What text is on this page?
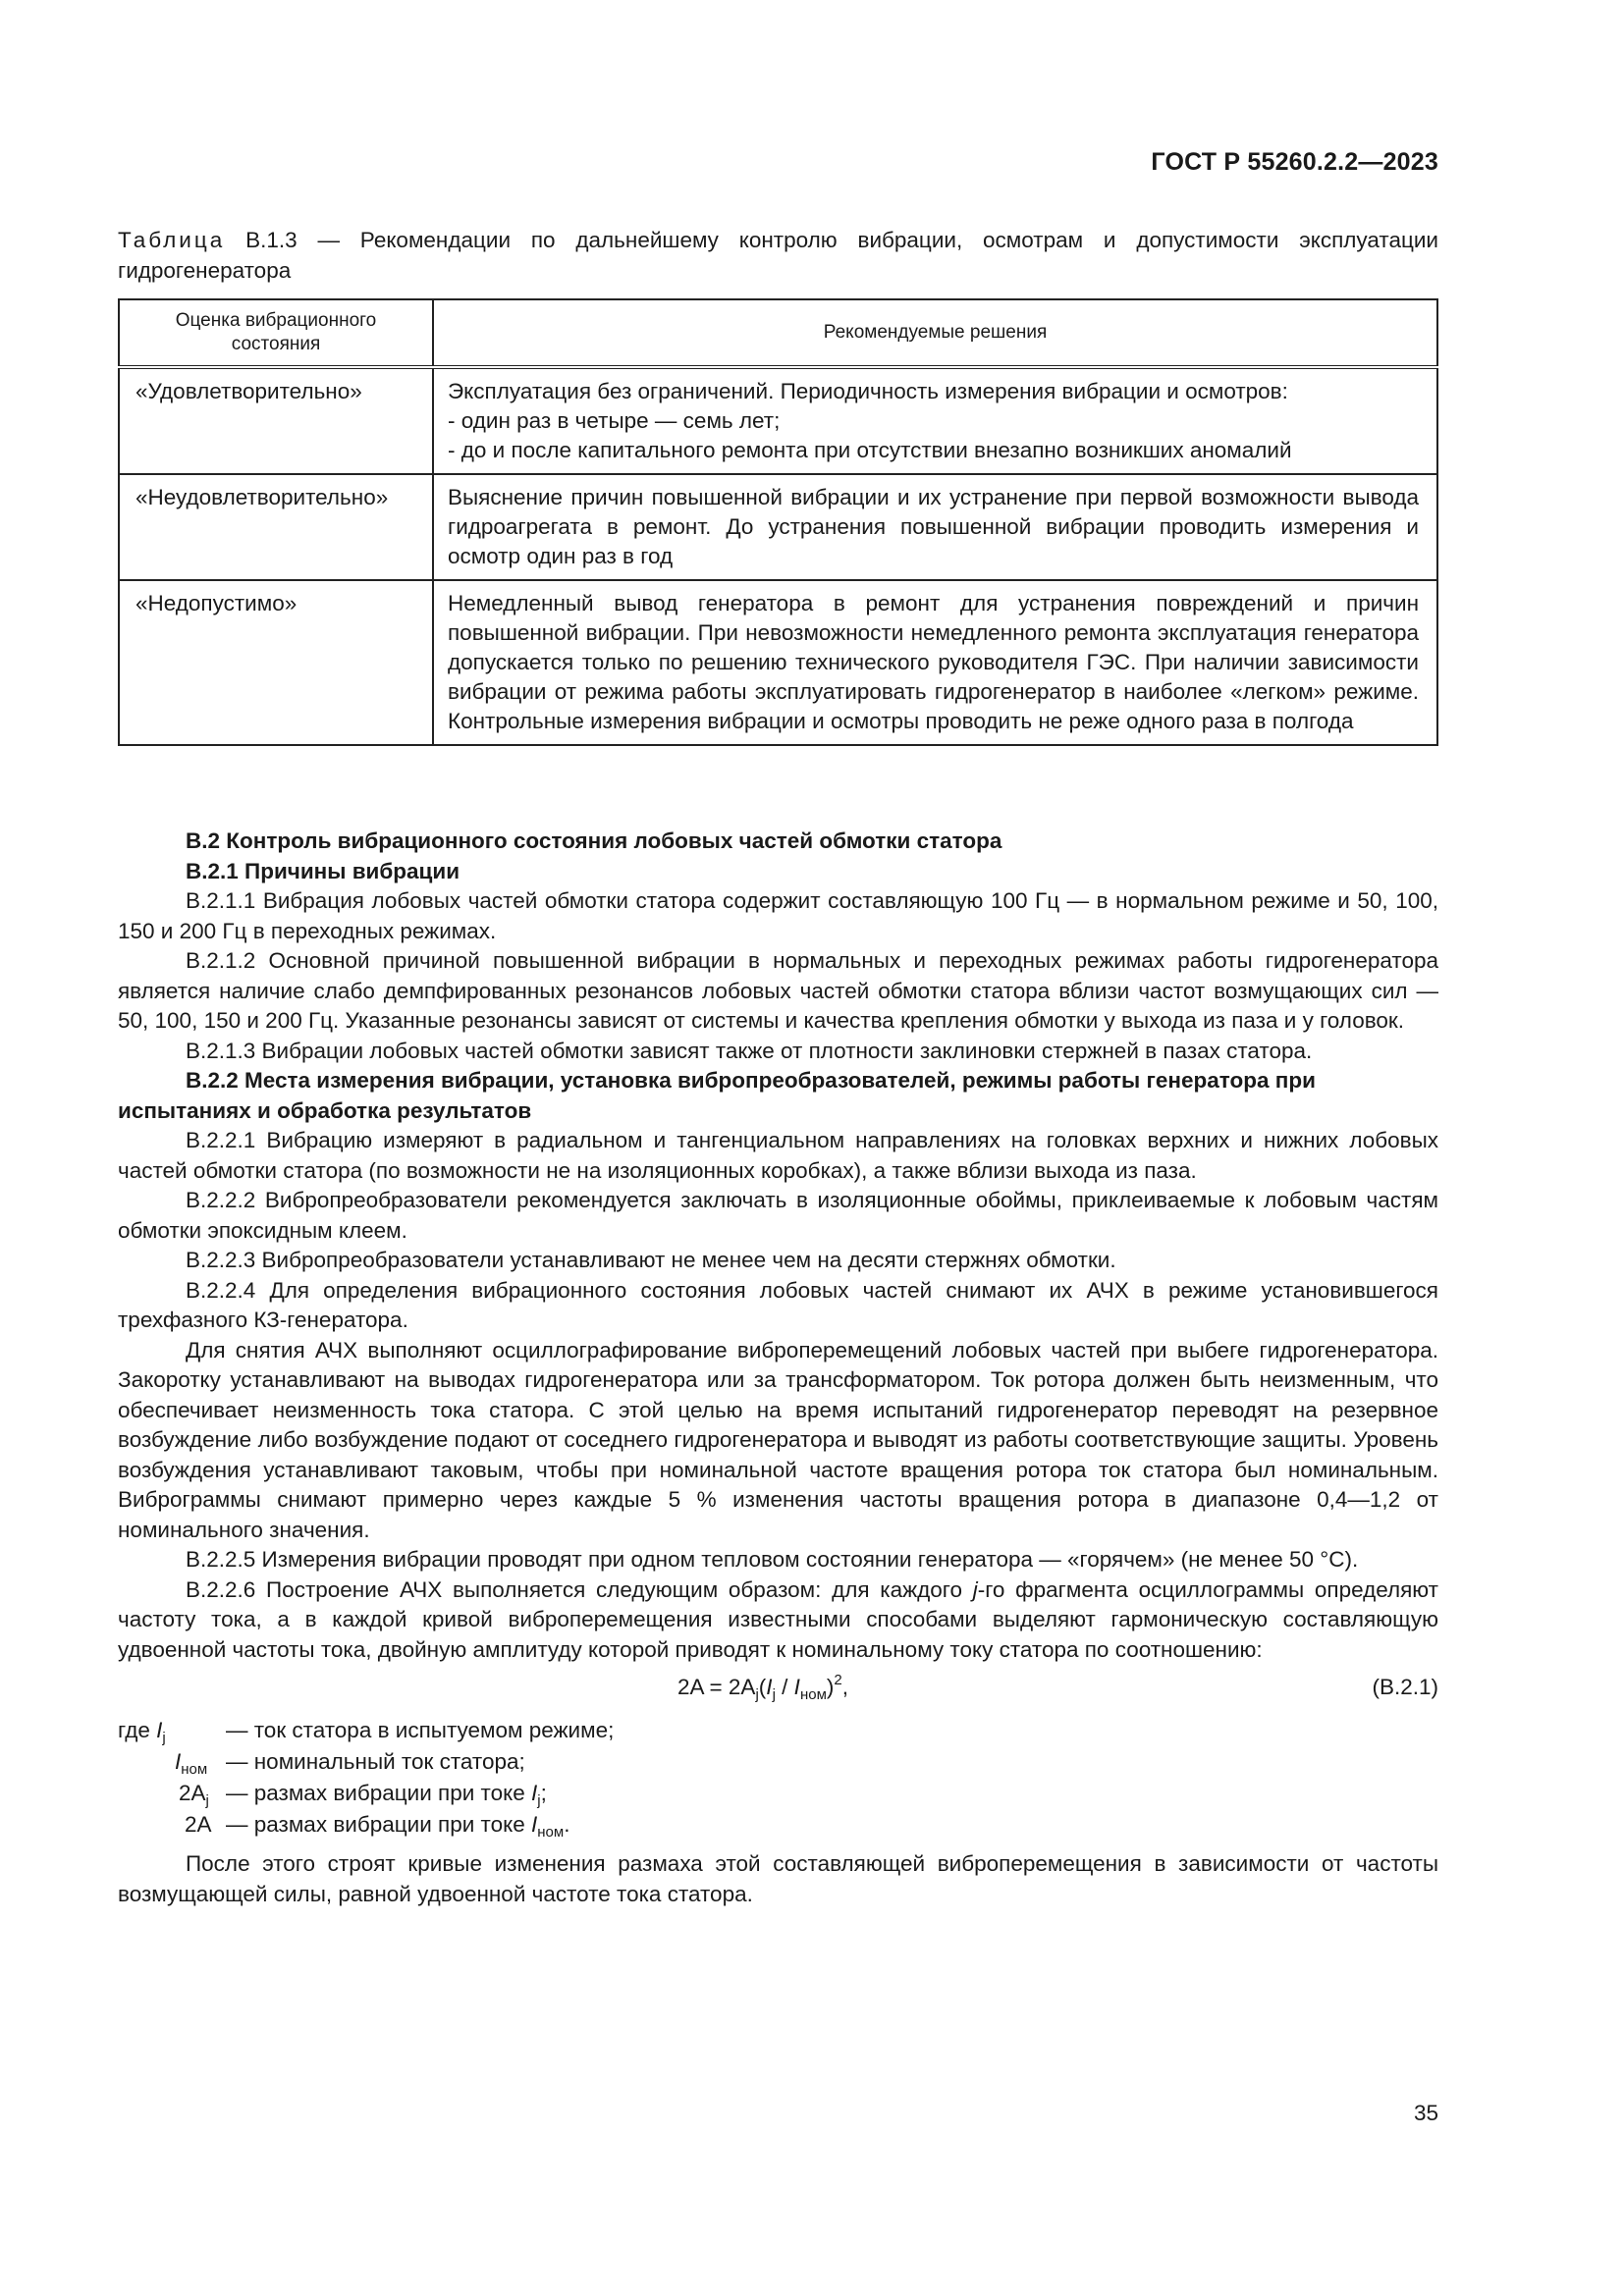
ГОСТ Р 55260.2.2—2023
Таблица В.1.3 — Рекомендации по дальнейшему контролю вибрации, осмотрам и допустимости эксплуатации гидрогенератора
Оценка вибрационного состояния	Рекомендуемые решения
«Удовлетворительно»	Эксплуатация без ограничений. Периодичность измерения вибрации и осмотров:
- один раз в четыре — семь лет;
- до и после капитального ремонта при отсутствии внезапно возникших аномалий

«Неудовлетворительно»	Выяснение причин повышенной вибрации и их устранение при первой возможности вывода гидроагрегата в ремонт. До устранения повышенной вибрации проводить измерения и осмотр один раз в год
«Недопустимо»	Немедленный вывод генератора в ремонт для устранения повреждений и причин повышенной вибрации. При невозможности немедленного ремонта эксплуатация генератора допускается только по решению технического руководителя ГЭС. При наличии зависимости вибрации от режима работы эксплуатировать гидрогенератор в наиболее «легком» режиме. Контрольные измерения вибрации и осмотры проводить не реже одного раза в полгода

В.2 Контроль вибрационного состояния лобовых частей обмотки статора

В.2.1 Причины вибрации

В.2.1.1 Вибрация лобовых частей обмотки статора содержит составляющую 100 Гц — в нормальном режиме и 50, 100, 150 и 200 Гц в переходных режимах.

В.2.1.2 Основной причиной повышенной вибрации в нормальных и переходных режимах работы гидрогенератора является наличие слабо демпфированных резонансов лобовых частей обмотки статора вблизи частот возмущающих сил — 50, 100, 150 и 200 Гц. Указанные резонансы зависят от системы и качества крепления обмотки у выхода из паза и у головок.

В.2.1.3 Вибрации лобовых частей обмотки зависят также от плотности заклиновки стержней в пазах статора.

В.2.2 Места измерения вибрации, установка вибропреобразователей, режимы работы генератора при испытаниях и обработка результатов

В.2.2.1 Вибрацию измеряют в радиальном и тангенциальном направлениях на головках верхних и нижних лобовых частей обмотки статора (по возможности не на изоляционных коробках), а также вблизи выхода из паза.

В.2.2.2 Вибропреобразователи рекомендуется заключать в изоляционные обоймы, приклеиваемые к лобовым частям обмотки эпоксидным клеем.

В.2.2.3 Вибропреобразователи устанавливают не менее чем на десяти стержнях обмотки.

В.2.2.4 Для определения вибрационного состояния лобовых частей снимают их АЧХ в режиме установившегося трехфазного КЗ-генератора.

Для снятия АЧХ выполняют осциллографирование виброперемещений лобовых частей при выбеге гидрогенератора. Закоротку устанавливают на выводах гидрогенератора или за трансформатором. Ток ротора должен быть неизменным, что обеспечивает неизменность тока статора. С этой целью на время испытаний гидрогенератор переводят на резервное возбуждение либо возбуждение подают от соседнего гидрогенератора и выводят из работы соответствующие защиты. Уровень возбуждения устанавливают таковым, чтобы при номинальной частоте вращения ротора ток статора был номинальным. Виброграммы снимают примерно через каждые 5 % изменения частоты вращения ротора в диапазоне 0,4—1,2 от номинального значения.

В.2.2.5 Измерения вибрации проводят при одном тепловом состоянии генератора — «горячем» (не менее 50 °С).

В.2.2.6 Построение АЧХ выполняется следующим образом: для каждого j-го фрагмента осциллограммы определяют частоту тока, а в каждой кривой виброперемещения известными способами выделяют гармоническую составляющую удвоенной частоты тока, двойную амплитуду которой приводят к номинальному току статора по соотношению:

$2A = 2A_j(I_j / I_{ном})^2$,	(В.2.1)
где $I_j$	— ток статора в испытуемом режиме;
$I_{ном}$ — номинальный ток статора;
$2A_j$ — размах вибрации при токе $I_j$;
2A — размах вибрации при токе $I_{ном}$.

После этого строят кривые изменения размаха этой составляющей виброперемещения в зависимости от частоты возмущающей силы, равной удвоенной частоте тока статора.

35
